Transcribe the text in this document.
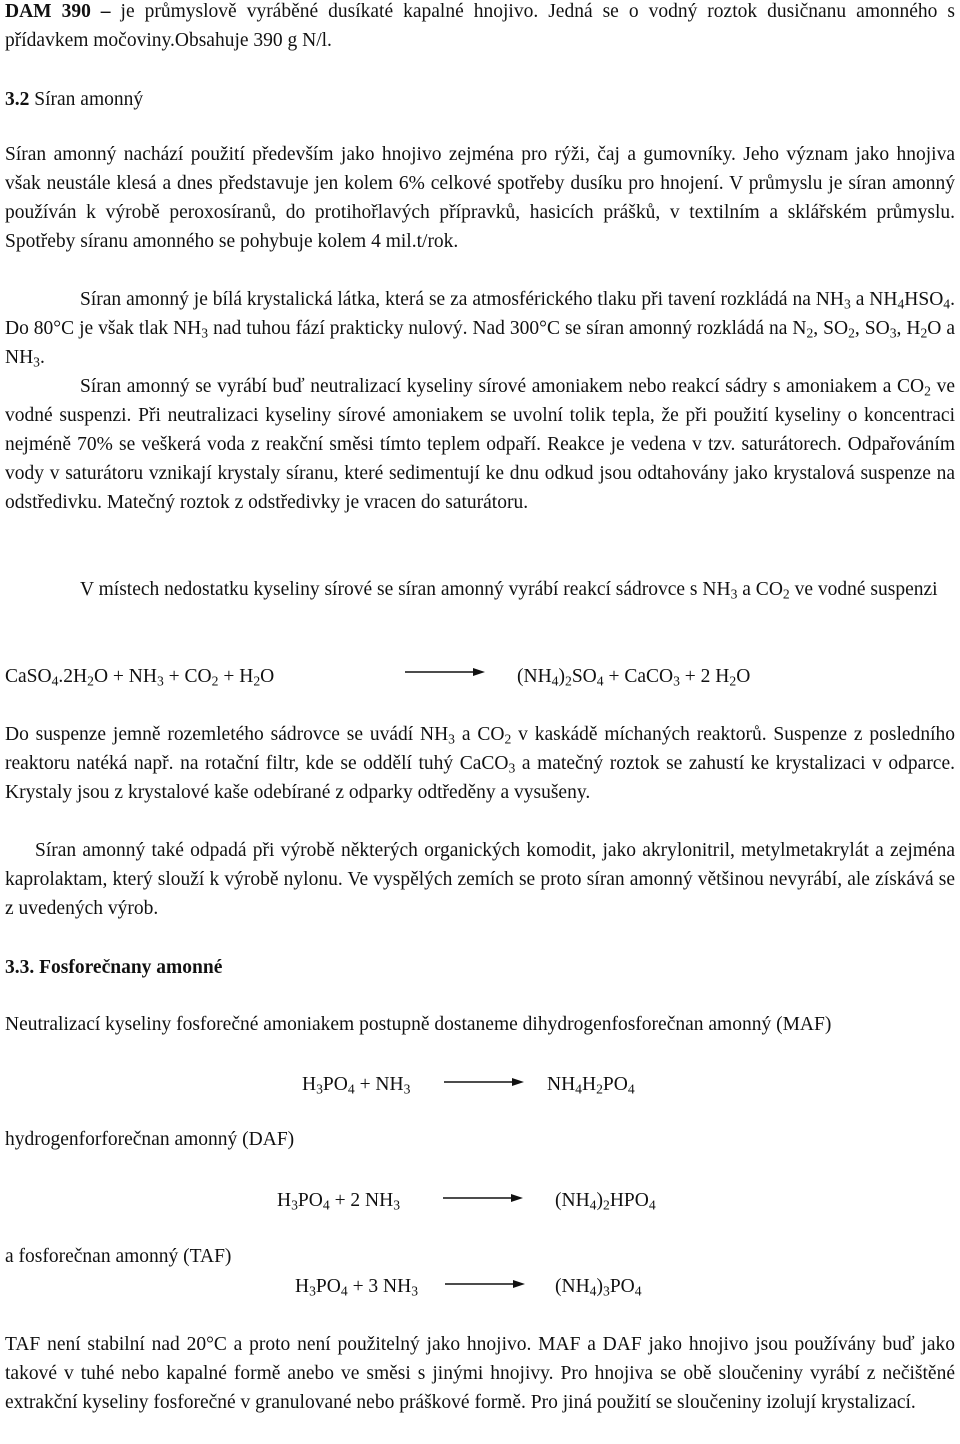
DAM 390 – je průmyslově vyráběné dusíkaté kapalné hnojivo. Jedná se o vodný roztok dusičnanu amonného s přídavkem močoviny.Obsahuje 390 g N/l.

3.2 Síran amonný

Síran amonný nachází použití především jako hnojivo zejména pro rýži, čaj a gumovníky. Jeho význam jako hnojiva však neustále klesá a dnes představuje jen kolem 6% celkové spotřeby dusíku pro hnojení. V průmyslu je síran amonný používán k výrobě peroxosíranů, do protihořlavých přípravků, hasicích prášků, v textilním a sklářském průmyslu. Spotřeby síranu amonného se pohybuje kolem 4 mil.t/rok.

Síran amonný je bílá krystalická látka, která se za atmosférického tlaku při tavení rozkládá na $NH_3$ a $NH_4HSO_4$. Do 80°C je však tlak $NH_3$ nad tuhou fází prakticky nulový. Nad 300°C se síran amonný rozkládá na $N_2$, $SO_2$, $SO_3$, $H_2O$ a $NH_3$.

Síran amonný se vyrábí buď neutralizací kyseliny sírové amoniakem nebo reakcí sádry s amoniakem a $CO_2$ ve vodné suspenzi. Při neutralizaci kyseliny sírové amoniakem se uvolní tolik tepla, že při použití kyseliny o koncentraci nejméně 70% se veškerá voda z reakční směsi tímto teplem odpaří. Reakce je vedena v tzv. saturátorech. Odpařováním vody v saturátoru vznikají krystaly síranu, které sedimentují ke dnu odkud jsou odtahovány jako krystalová suspenze na odstředivku. Matečný roztok z odstředivky je vracen do saturátoru.

V místech nedostatku kyseliny sírové se síran amonný vyrábí reakcí sádrovce s $NH_3$ a $CO_2$ ve vodné suspenzi

$CaSO_4.2H_2O + NH_3 + CO_2 + H_2O$	$(NH_4)_2SO_4$ + CaCO$_3$ + 2 $H_2O$

Do suspenze jemně rozemletého sádrovce se uvádí $NH_3$ a $CO_2$ v kaskádě míchaných reaktorů. Suspenze z posledního reaktoru natéká např. na rotační filtr, kde se oddělí tuhý CaCO$_3$ a matečný roztok se zahustí ke krystalizaci v odparce. Krystaly jsou z krystalové kaše odebírané z odparky odtředěny a vysušeny.

Síran amonný také odpadá při výrobě některých organických komodit, jako akrylonitril, metylmetakrylát a zejména kaprolaktam, který slouží k výrobě nylonu. Ve vyspělých zemích se proto síran amonný většinou nevyrábí, ale získává se z uvedených výrob.

3.3. Fosforečnany amonné

Neutralizací kyseliny fosforečné amoniakem postupně dostaneme dihydrogenfosforečnan amonný (MAF)

$H_3PO_4 + NH_3$	$NH_4H_2PO_4$

hydrogenforforečnan amonný (DAF)

$H_3PO_4 + 2$ $NH_3$	$(NH_4)_2HPO_4$

a fosforečnan amonný (TAF)

$H_3PO_4 + 3$ $NH_3$	$(NH_4)_3PO_4$

TAF není stabilní nad 20°C a proto není použitelný jako hnojivo. MAF a DAF jako hnojivo jsou používány buď jako takové v tuhé nebo kapalné formě anebo ve směsi s jinými hnojivy. Pro hnojiva se obě sloučeniny vyrábí z nečištěné extrakční kyseliny fosforečné v granulované nebo práškové formě. Pro jiná použití se sloučeniny izolují krystalizací.
